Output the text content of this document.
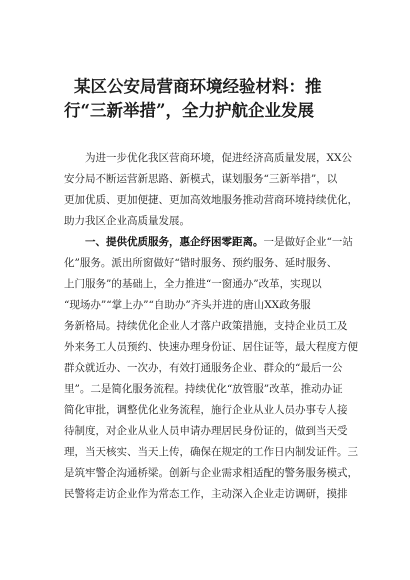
某区公安局营商环境经验材料：推
行“三新举措”，全力护航企业发展
为进一步优化我区营商环境，促进经济高质量发展，XX公
安分局不断运营新思路、新模式，谋划服务“三新举措”，以
更加优质、更加便捷、更加高效地服务推动营商环境持续优化，
助力我区企业高质量发展。
一、提供优质服务，惠企纾困零距离。一是做好企业“一站
化”服务。派出所窗做好“错时服务、预约服务、延时服务、
上门服务”的基础上，全力推进“一窗通办”改革，实现以
“现场办”“掌上办”“自助办”齐头并进的唐山XX政务服
务新格局。持续优化企业人才落户政策措施，支持企业员工及
外来务工人员预约、快速办理身份证、居住证等，最大程度方便
群众就近办、一次办，有效打通服务企业、群众的“最后一公
里”。二是简化服务流程。持续优化“放管服”改革，推动办证
简化审批，调整优化业务流程，施行企业从业人员办事专人接
待制度，对企业从业人员申请办理居民身份证的，做到当天受
理，当天核实、当天上传，确保在规定的工作日内制发证件。三
是筑牢警企沟通桥梁。创新与企业需求相适配的警务服务模式，
民警将走访企业作为常态工作，主动深入企业走访调研，摸排
